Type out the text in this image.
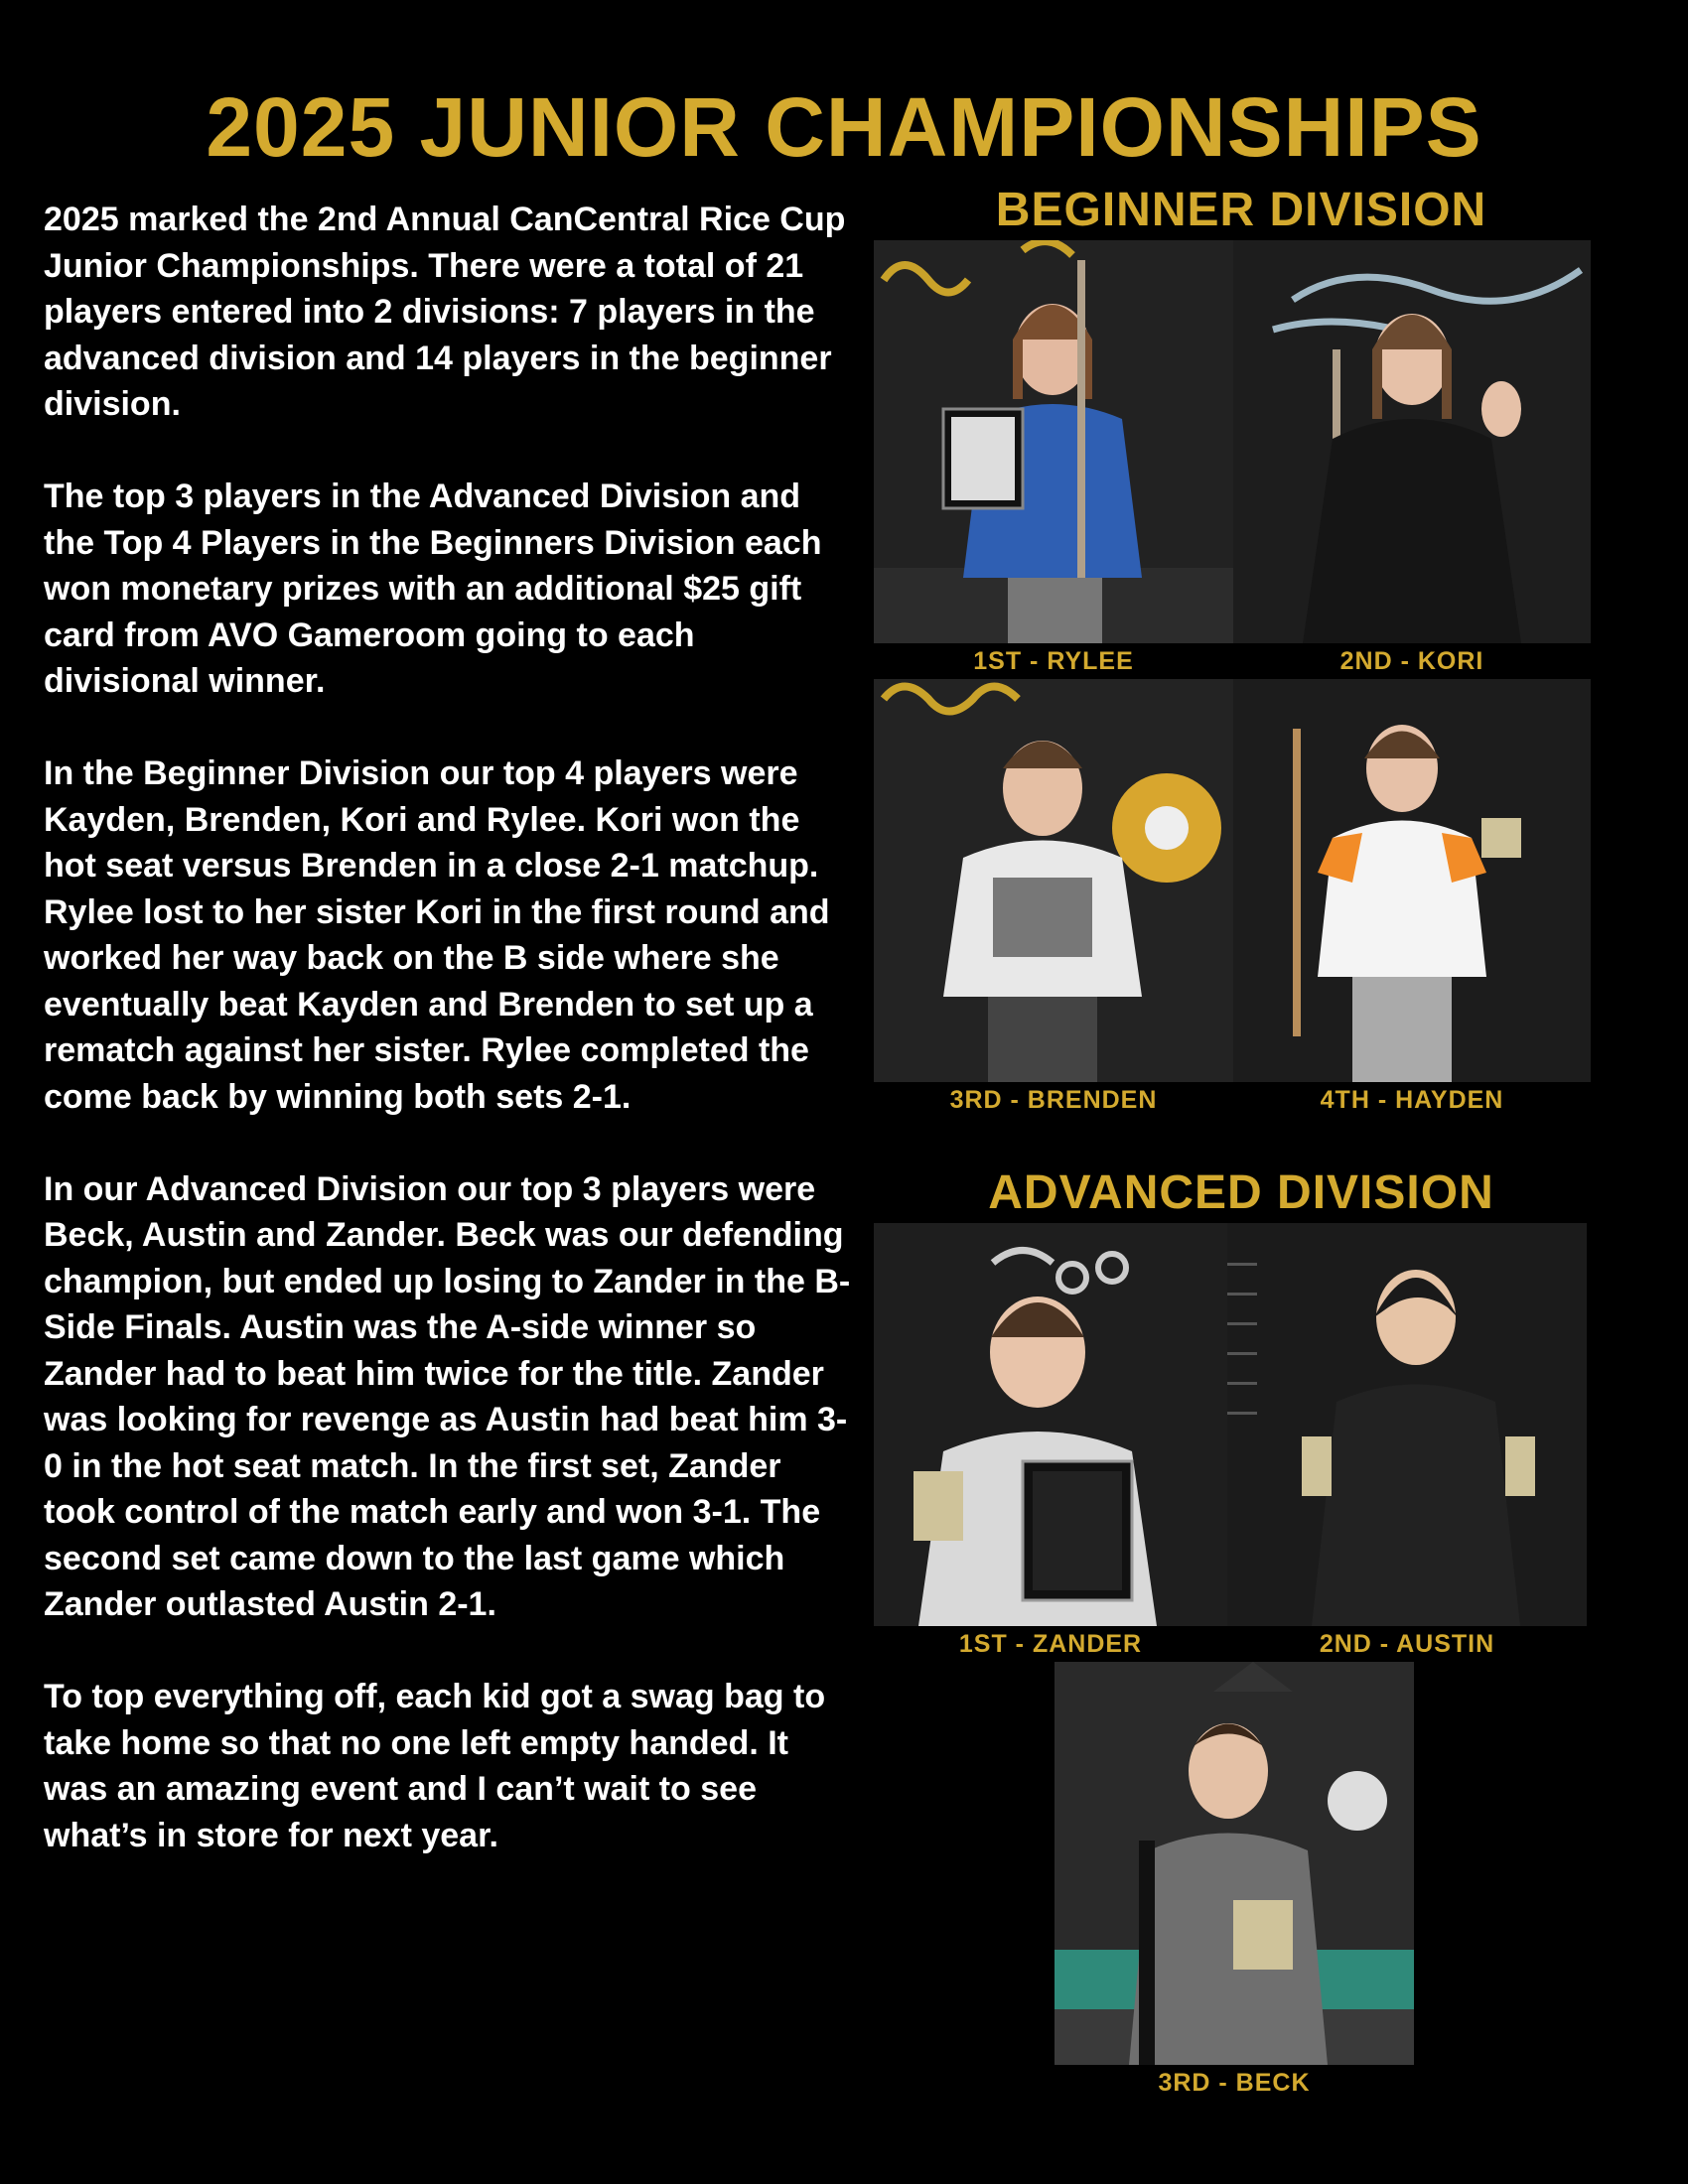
2025 JUNIOR CHAMPIONSHIPS

2025 marked the 2nd Annual CanCentral Rice Cup Junior Championships. There were a total of 21 players entered into 2 divisions: 7 players in the advanced division and 14 players in the beginner division.

The top 3 players in the Advanced Division and the Top 4 Players in the Beginners Division each won monetary prizes with an additional $25 gift card from AVO Gameroom going to each divisional winner.

In the Beginner Division our top 4 players were Kayden, Brenden, Kori and Rylee. Kori won the hot seat versus Brenden in a close 2-1 matchup. Rylee lost to her sister Kori in the first round and worked her way back on the B side where she eventually beat Kayden and Brenden to set up a rematch against her sister. Rylee completed the come back by winning both sets 2-1.

In our Advanced Division our top 3 players were Beck, Austin and Zander. Beck was our defending champion, but ended up losing to Zander in the B-Side Finals. Austin was the A-side winner so Zander had to beat him twice for the title. Zander was looking for revenge as Austin had beat him 3-0 in the hot seat match. In the first set, Zander took control of the match early and won 3-1. The second set came down to the last game which Zander outlasted Austin 2-1.

To top everything off, each kid got a swag bag to take home so that no one left empty handed. It was an amazing event and I can’t wait to see what’s in store for next year.

BEGINNER DIVISION
1ST - RYLEE	2ND - KORI
3RD - BRENDEN	4TH - HAYDEN
ADVANCED DIVISION
1ST - ZANDER	2ND - AUSTIN
3RD - BECK
